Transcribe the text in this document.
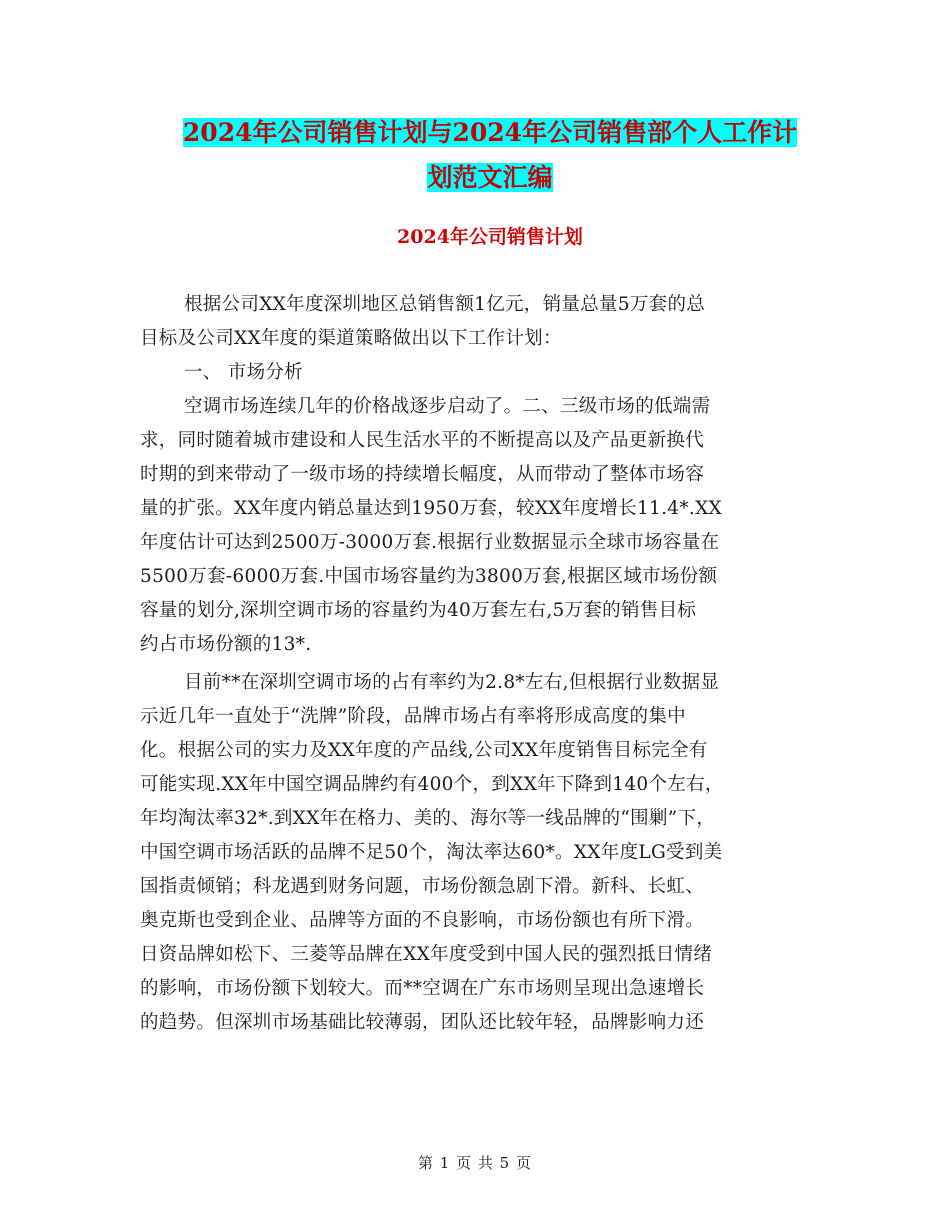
2024年公司销售计划与2024年公司销售部个人工作计
划范文汇编
2024年公司销售计划
根据公司XX年度深圳地区总销售额1亿元，销量总量5万套的总
目标及公司XX年度的渠道策略做出以下工作计划：
一、 市场分析
空调市场连续几年的价格战逐步启动了。二、三级市场的低端需
求，同时随着城市建设和人民生活水平的不断提高以及产品更新换代
时期的到来带动了一级市场的持续增长幅度，从而带动了整体市场容
量的扩张。XX年度内销总量达到1950万套，较XX年度增长11.4*.XX
年度估计可达到2500万-3000万套.根据行业数据显示全球市场容量在
5500万套-6000万套.中国市场容量约为3800万套,根据区域市场份额
容量的划分,深圳空调市场的容量约为40万套左右,5万套的销售目标
约占市场份额的13*.
目前**在深圳空调市场的占有率约为2.8*左右,但根据行业数据显
示近几年一直处于“洗牌”阶段，品牌市场占有率将形成高度的集中
化。根据公司的实力及XX年度的产品线,公司XX年度销售目标完全有
可能实现.XX年中国空调品牌约有400个，到XX年下降到140个左右，
年均淘汰率32*.到XX年在格力、美的、海尔等一线品牌的“围剿”下，
中国空调市场活跃的品牌不足50个，淘汰率达60*。XX年度LG受到美
国指责倾销；科龙遇到财务问题，市场份额急剧下滑。新科、长虹、
奥克斯也受到企业、品牌等方面的不良影响，市场份额也有所下滑。
日资品牌如松下、三菱等品牌在XX年度受到中国人民的强烈抵日情绪
的影响，市场份额下划较大。而**空调在广东市场则呈现出急速增长
的趋势。但深圳市场基础比较薄弱，团队还比较年轻，品牌影响力还
第 1 页 共 5 页
